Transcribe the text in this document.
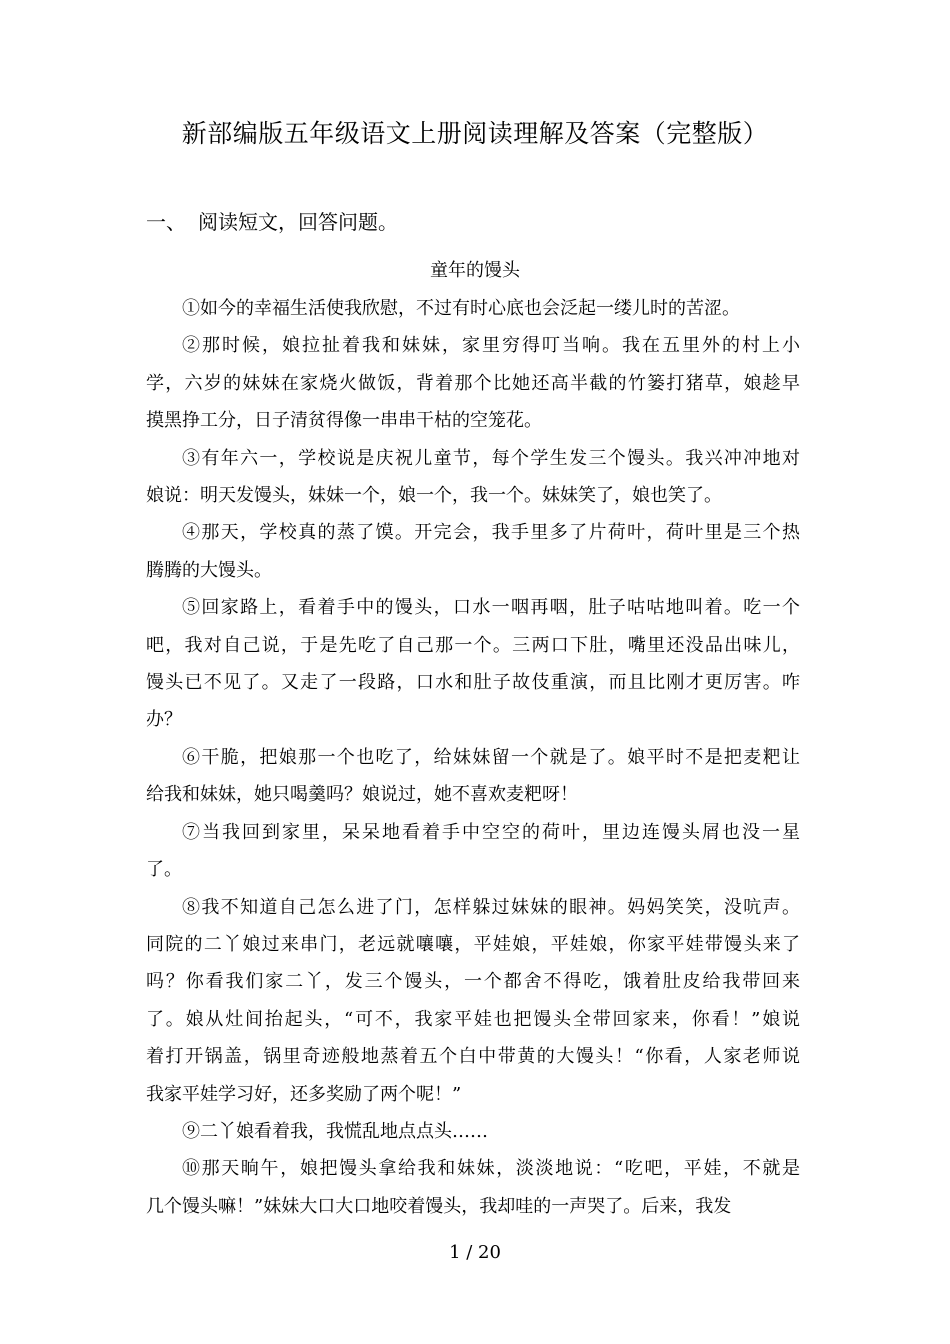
新部编版五年级语文上册阅读理解及答案（完整版）
一、 阅读短文，回答问题。
童年的馒头
①如今的幸福生活使我欣慰，不过有时心底也会泛起一缕儿时的苦涩。
②那时候，娘拉扯着我和妹妹，家里穷得叮当响。我在五里外的村上小
学，六岁的妹妹在家烧火做饭，背着那个比她还高半截的竹篓打猪草，娘趁早
摸黑挣工分，日子清贫得像一串串干枯的空笼花。
③有年六一，学校说是庆祝儿童节，每个学生发三个馒头。我兴冲冲地对
娘说：明天发馒头，妹妹一个，娘一个，我一个。妹妹笑了，娘也笑了。
④那天，学校真的蒸了馍。开完会，我手里多了片荷叶，荷叶里是三个热
腾腾的大馒头。
⑤回家路上，看着手中的馒头，口水一咽再咽，肚子咕咕地叫着。吃一个
吧，我对自己说，于是先吃了自己那一个。三两口下肚，嘴里还没品出味儿，
馒头已不见了。又走了一段路，口水和肚子故伎重演，而且比刚才更厉害。咋
办？
⑥干脆，把娘那一个也吃了，给妹妹留一个就是了。娘平时不是把麦粑让
给我和妹妹，她只喝羹吗？娘说过，她不喜欢麦粑呀！
⑦当我回到家里，呆呆地看着手中空空的荷叶，里边连馒头屑也没一星
了。
⑧我不知道自己怎么进了门，怎样躲过妹妹的眼神。妈妈笑笑，没吭声。
同院的二丫娘过来串门，老远就嚷嚷，平娃娘，平娃娘，你家平娃带馒头来了
吗？你看我们家二丫，发三个馒头，一个都舍不得吃，饿着肚皮给我带回来
了。娘从灶间抬起头，“可不，我家平娃也把馒头全带回家来，你看！”娘说
着打开锅盖，锅里奇迹般地蒸着五个白中带黄的大馒头！“你看，人家老师说
我家平娃学习好，还多奖励了两个呢！”
⑨二丫娘看着我，我慌乱地点点头……
⑩那天晌午，娘把馒头拿给我和妹妹，淡淡地说：“吃吧，平娃，不就是
几个馒头嘛！”妹妹大口大口地咬着馒头，我却哇的一声哭了。后来，我发
1 / 20
